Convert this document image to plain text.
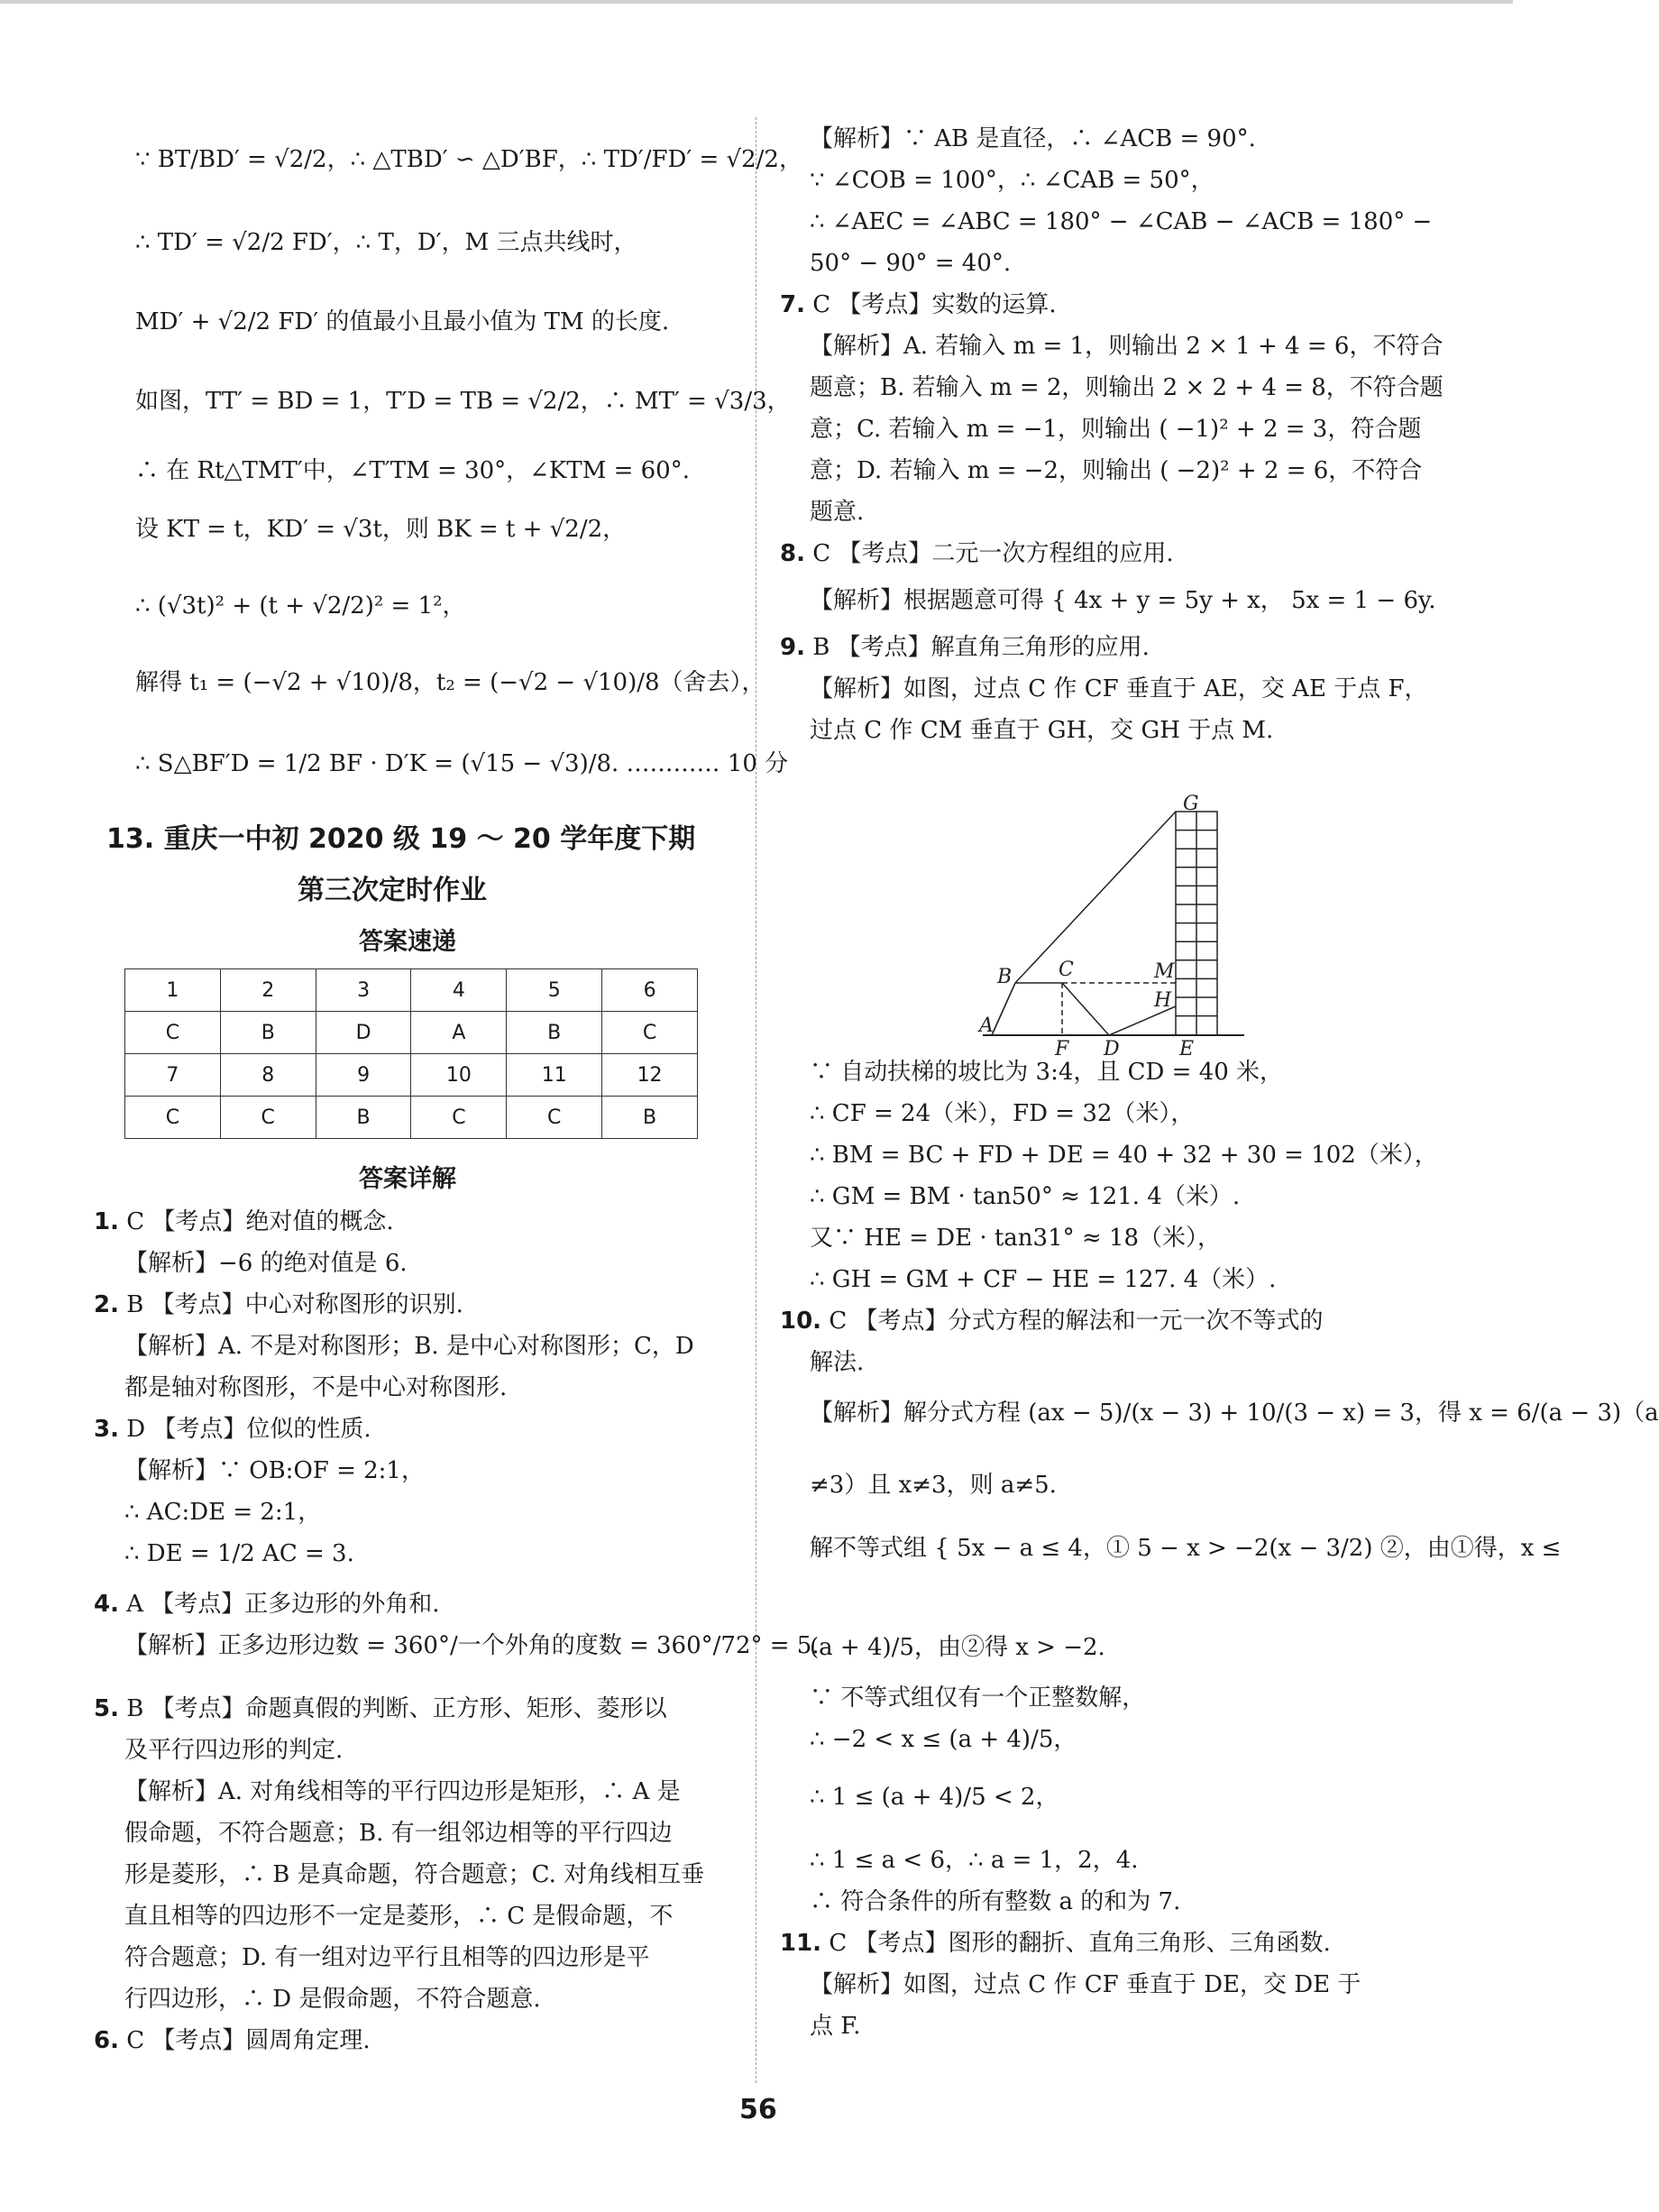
∵ BT/BD′ = √2/2，∴ △TBD′ ∽ △D′BF，∴ TD′/FD′ = √2/2，
∴ TD′ = √2/2 FD′，∴ T，D′，M 三点共线时，
MD′ + √2/2 FD′ 的值最小且最小值为 TM 的长度.
如图，TT′ = BD = 1，T′D = TB = √2/2，∴ MT′ = √3/3，
∴ 在 Rt△TMT′中，∠T′TM = 30°，∠KTM = 60°.
设 KT = t，KD′ = √3t，则 BK = t + √2/2，
∴ (√3t)² + (t + √2/2)² = 1²，
解得 t₁ = (−√2 + √10)/8，t₂ = (−√2 − √10)/8（舍去），
∴ S△BF′D = 1/2 BF · D′K = (√15 − √3)/8. ………… 10 分
13. 重庆一中初 2020 级 19 ～ 20 学年度下期
第三次定时作业
答案速递
1	2	3	4	5	6
C	B	D	A	B	C
7	8	9	10	11	12
C	C	B	C	C	B
答案详解
1. C 【考点】绝对值的概念.
【解析】−6 的绝对值是 6.
2. B 【考点】中心对称图形的识别.
【解析】A. 不是对称图形；B. 是中心对称图形；C，D
都是轴对称图形，不是中心对称图形.
3. D 【考点】位似的性质.
【解析】∵ OB:OF = 2:1，
∴ AC:DE = 2:1，
∴ DE = 1/2 AC = 3.
4. A 【考点】正多边形的外角和.
【解析】正多边形边数 = 360°/一个外角的度数 = 360°/72° = 5.
5. B 【考点】命题真假的判断、正方形、矩形、菱形以
及平行四边形的判定.
【解析】A. 对角线相等的平行四边形是矩形，∴ A 是
假命题，不符合题意；B. 有一组邻边相等的平行四边
形是菱形，∴ B 是真命题，符合题意；C. 对角线相互垂
直且相等的四边形不一定是菱形，∴ C 是假命题，不
符合题意；D. 有一组对边平行且相等的四边形是平
行四边形，∴ D 是假命题，不符合题意.
6. C 【考点】圆周角定理.
【解析】∵ AB 是直径，∴ ∠ACB = 90°.
∵ ∠COB = 100°，∴ ∠CAB = 50°，
∴ ∠AEC = ∠ABC = 180° − ∠CAB − ∠ACB = 180° −
50° − 90° = 40°.
7. C 【考点】实数的运算.
【解析】A. 若输入 m = 1，则输出 2 × 1 + 4 = 6，不符合
题意；B. 若输入 m = 2，则输出 2 × 2 + 4 = 8，不符合题
意；C. 若输入 m = −1，则输出 ( −1)² + 2 = 3，符合题
意；D. 若输入 m = −2，则输出 ( −2)² + 2 = 6，不符合
题意.
8. C 【考点】二元一次方程组的应用.
【解析】根据题意可得 { 4x + y = 5y + x， 5x = 1 − 6y.
9. B 【考点】解直角三角形的应用.
【解析】如图，过点 C 作 CF 垂直于 AE，交 AE 于点 F，
过点 C 作 CM 垂直于 GH，交 GH 于点 M.
∵ 自动扶梯的坡比为 3:4，且 CD = 40 米，
∴ CF = 24（米），FD = 32（米），
∴ BM = BC + FD + DE = 40 + 32 + 30 = 102（米），
∴ GM = BM · tan50° ≈ 121. 4（米）.
又∵ HE = DE · tan31° ≈ 18（米），
∴ GH = GM + CF − HE = 127. 4（米）.
10. C 【考点】分式方程的解法和一元一次不等式的
解法.
【解析】解分式方程 (ax − 5)/(x − 3) + 10/(3 − x) = 3，得 x = 6/(a − 3)（a
≠3）且 x≠3，则 a≠5.
解不等式组 { 5x − a ≤ 4，① 5 − x > −2(x − 3/2) ②，由①得，x ≤
(a + 4)/5，由②得 x > −2.
∵ 不等式组仅有一个正整数解，
∴ −2 < x ≤ (a + 4)/5，
∴ 1 ≤ (a + 4)/5 < 2，
∴ 1 ≤ a < 6，∴ a = 1，2，4.
∴ 符合条件的所有整数 a 的和为 7.
11. C 【考点】图形的翻折、直角三角形、三角函数.
【解析】如图，过点 C 作 CF 垂直于 DE，交 DE 于
点 F.
G
B C	M
H
A
F D	E
56
